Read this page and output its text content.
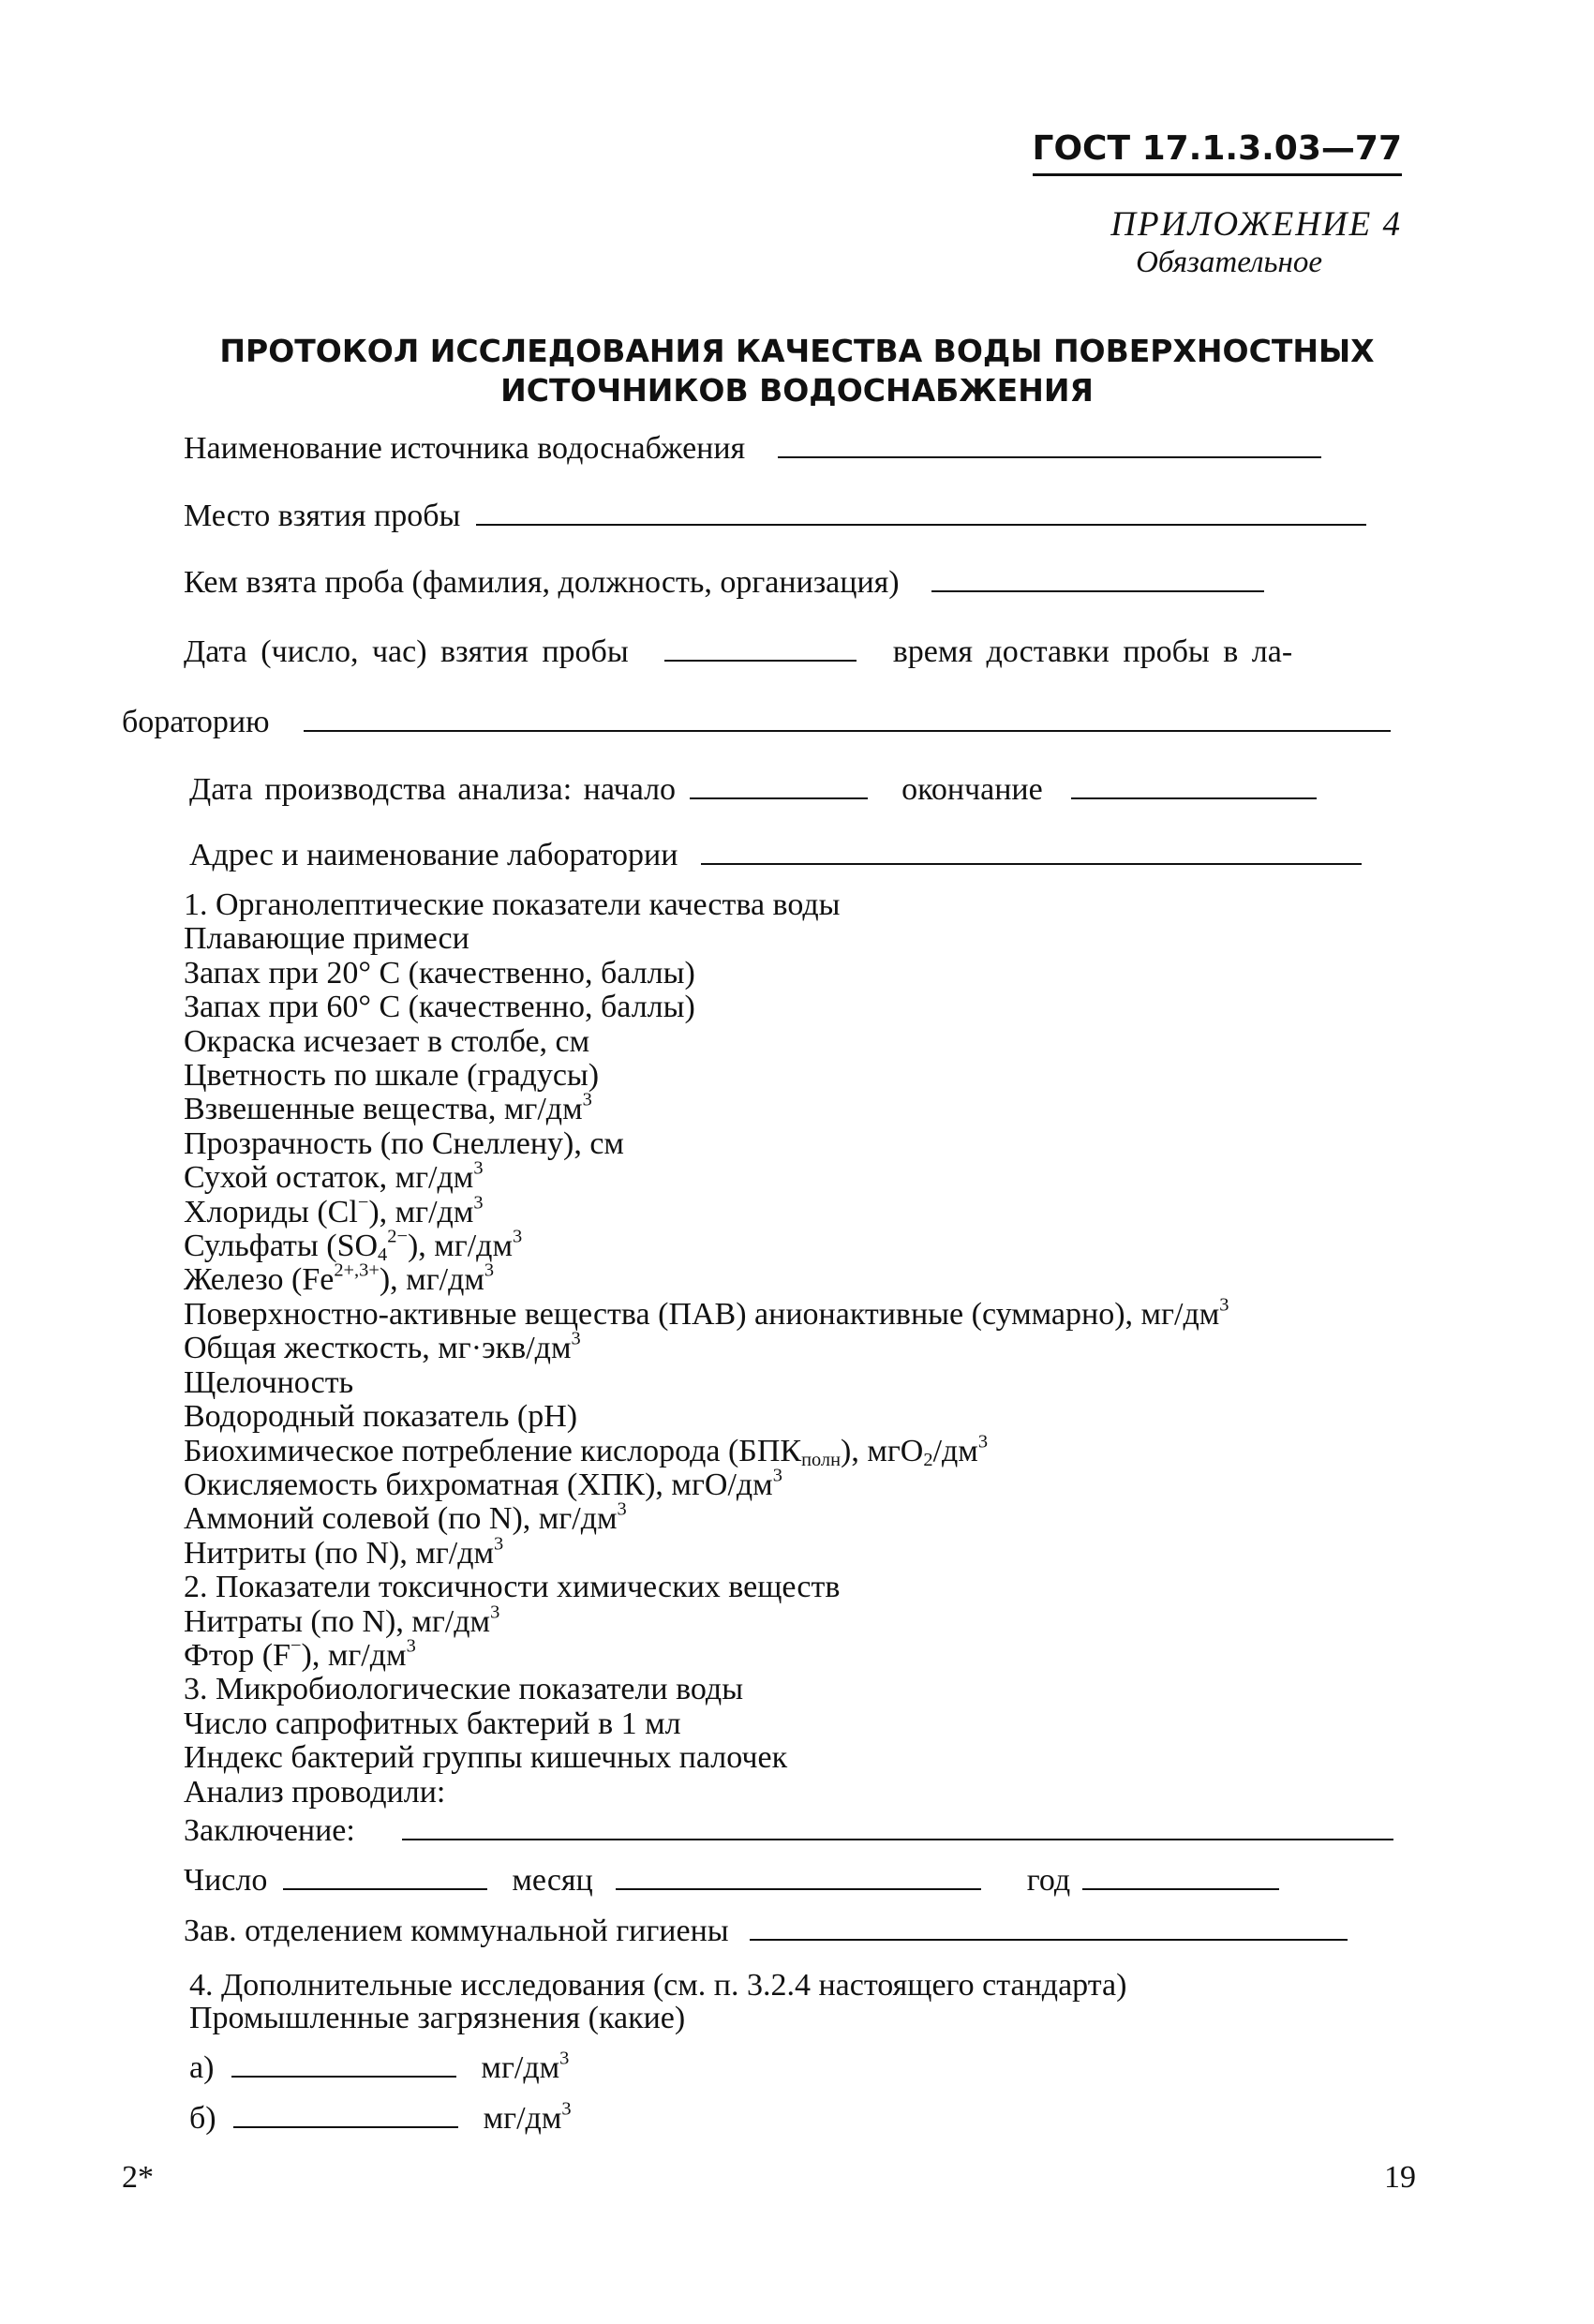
ГОСТ 17.1.3.03—77
ПРИЛОЖЕНИЕ 4
Обязательное
ПРОТОКОЛ ИССЛЕДОВАНИЯ КАЧЕСТВА ВОДЫ ПОВЕРХНОСТНЫХ
ИСТОЧНИКОВ ВОДОСНАБЖЕНИЯ
Наименование источника водоснабжения
Место взятия пробы
Кем взята проба (фамилия, должность, организация)
Дата (число, час) взятия пробы	время доставки пробы в ла-
бораторию
Дата производства анализа: начало	окончание
Адрес и наименование лаборатории
1. Органолептические показатели качества воды
Плавающие примеси
Запах при 20° С (качественно, баллы)
Запах при 60° С (качественно, баллы)
Окраска исчезает в столбе, см
Цветность по шкале (градусы)
Взвешенные вещества, $мг/дм^3$
Прозрачность (по Снеллену), см
Сухой остаток, $мг/дм^3$
Хлориды (Cl−), $мг/дм^3$
Сульфаты $(SO_4^{2-})$, $мг/дм^3$
Железо $(Fe^{2+,3+})$, $мг/дм^3$
Поверхностно-активные вещества (ПАВ) анионактивные (суммарно), $мг/дм^3$
Общая жесткость, $мг\cdot экв/дм^3$
Щелочность
Водородный показатель (pH)
Биохимическое потребление кислорода $(БПК_{полн})$, $мгO_2/дм^3$
Окисляемость бихроматная (ХПК), мгO/$дм^3$
Аммоний солевой (по N), $мг/дм^3$
Нитриты (по N), $мг/дм^3$
2. Показатели токсичности химических веществ
Нитраты (по N), $мг/дм^3$
Фтор (F−), $мг/дм^3$
3. Микробиологические показатели воды
Число сапрофитных бактерий в 1 мл
Индекс бактерий группы кишечных палочек
Анализ проводили:
Заключение:
Число	месяц	год
Зав. отделением коммунальной гигиены
4. Дополнительные исследования (см. п. 3.2.4 настоящего стандарта)
Промышленные загрязнения (какие)
а)	$мг/дм^3$
б)	$мг/дм^3$
2*	19
